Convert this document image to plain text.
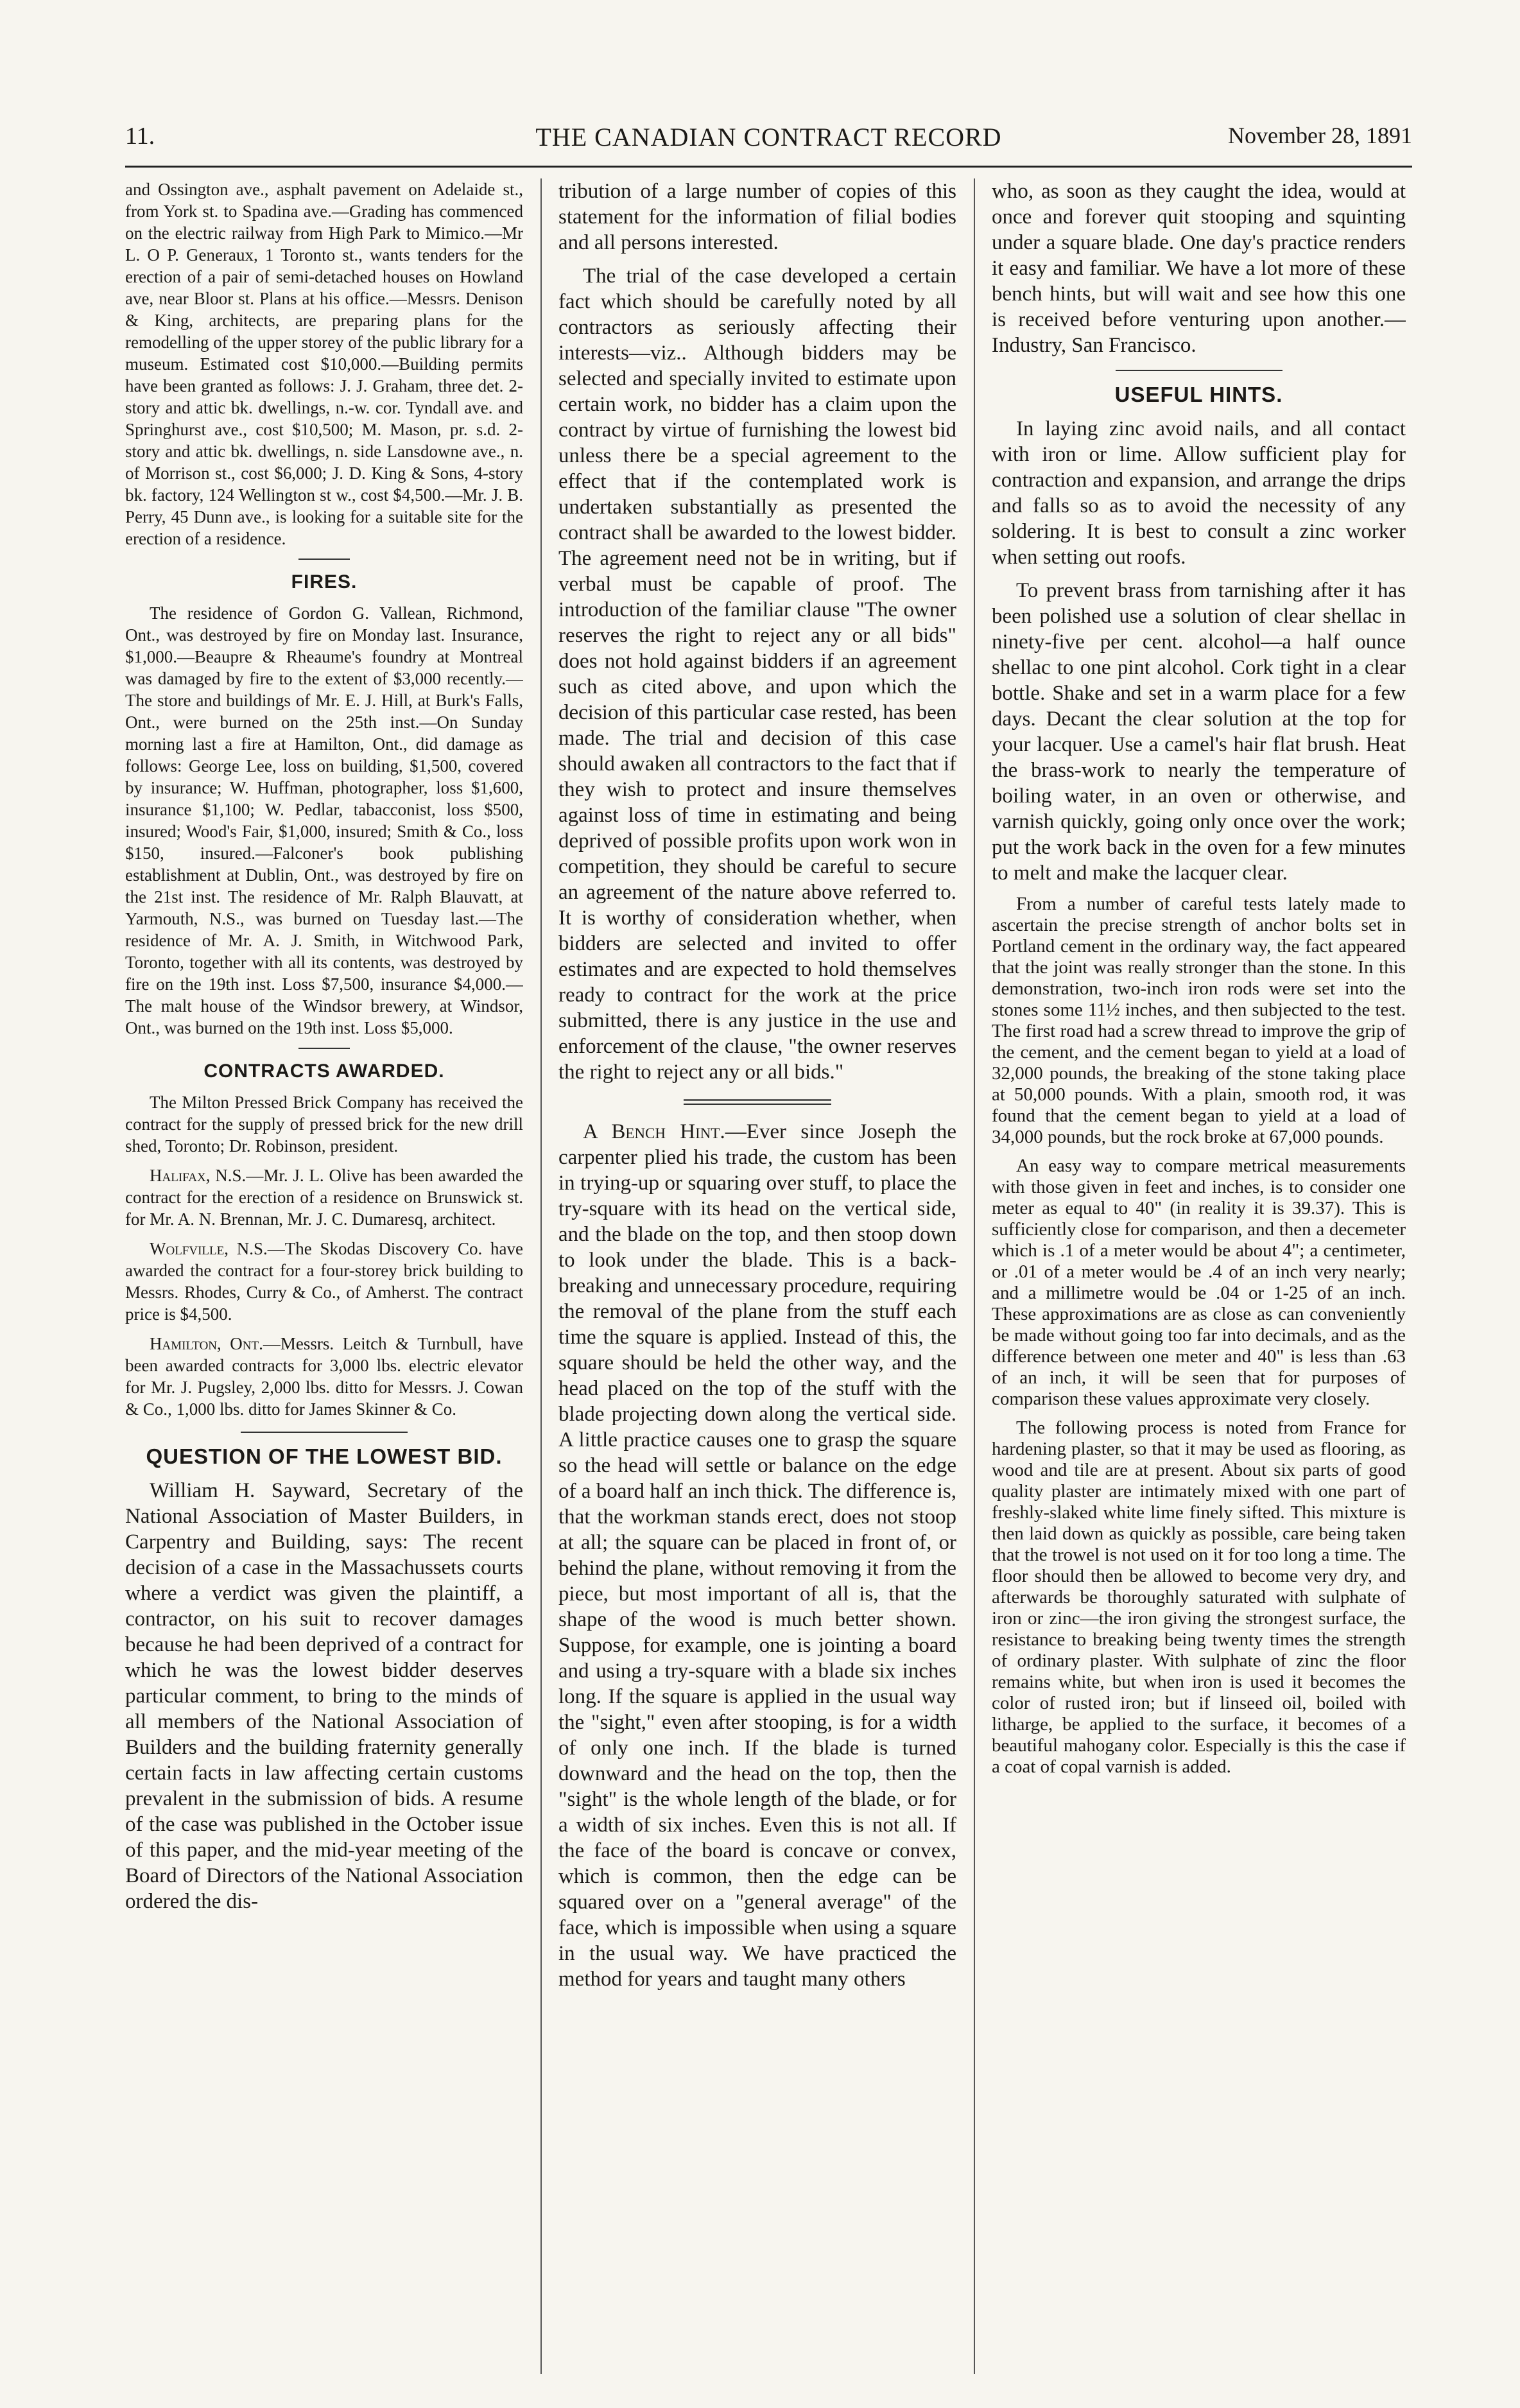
11.	THE CANADIAN CONTRACT RECORD	November 28, 1891

and Ossington ave., asphalt pavement on Adelaide st., from York st. to Spadina ave.—Grading has commenced on the electric railway from High Park to Mimico.—Mr L. O P. Generaux, 1 Toronto st., wants tenders for the erection of a pair of semi-detached houses on Howland ave, near Bloor st. Plans at his office.—Messrs. Denison & King, architects, are preparing plans for the remodelling of the upper storey of the public library for a museum. Estimated cost $10,000.—Building permits have been granted as follows: J. J. Graham, three det. 2-story and attic bk. dwellings, n.-w. cor. Tyndall ave. and Springhurst ave., cost $10,500; M. Mason, pr. s.d. 2-story and attic bk. dwellings, n. side Lansdowne ave., n. of Morrison st., cost $6,000; J. D. King & Sons, 4-story bk. factory, 124 Wellington st w., cost $4,500.—Mr. J. B. Perry, 45 Dunn ave., is looking for a suitable site for the erection of a residence.

FIRES.

The residence of Gordon G. Vallean, Richmond, Ont., was destroyed by fire on Monday last. Insurance, $1,000.—Beaupre & Rheaume's foundry at Montreal was damaged by fire to the extent of $3,000 recently.—The store and buildings of Mr. E. J. Hill, at Burk's Falls, Ont., were burned on the 25th inst.—On Sunday morning last a fire at Hamilton, Ont., did damage as follows: George Lee, loss on building, $1,500, covered by insurance; W. Huffman, photographer, loss $1,600, insurance $1,100; W. Pedlar, tabacconist, loss $500, insured; Wood's Fair, $1,000, insured; Smith & Co., loss $150, insured.—Falconer's book publishing establishment at Dublin, Ont., was destroyed by fire on the 21st inst. The residence of Mr. Ralph Blauvatt, at Yarmouth, N.S., was burned on Tuesday last.—The residence of Mr. A. J. Smith, in Witchwood Park, Toronto, together with all its contents, was destroyed by fire on the 19th inst. Loss $7,500, insurance $4,000.—The malt house of the Windsor brewery, at Windsor, Ont., was burned on the 19th inst. Loss $5,000.

CONTRACTS AWARDED.

The Milton Pressed Brick Company has received the contract for the supply of pressed brick for the new drill shed, Toronto; Dr. Robinson, president.

Halifax, N.S.—Mr. J. L. Olive has been awarded the contract for the erection of a residence on Brunswick st. for Mr. A. N. Brennan, Mr. J. C. Dumaresq, architect.

Wolfville, N.S.—The Skodas Discovery Co. have awarded the contract for a four-storey brick building to Messrs. Rhodes, Curry & Co., of Amherst. The contract price is $4,500.

Hamilton, Ont.—Messrs. Leitch & Turnbull, have been awarded contracts for 3,000 lbs. electric elevator for Mr. J. Pugsley, 2,000 lbs. ditto for Messrs. J. Cowan & Co., 1,000 lbs. ditto for James Skinner & Co.

QUESTION OF THE LOWEST BID.

William H. Sayward, Secretary of the National Association of Master Builders, in Carpentry and Building, says: The recent decision of a case in the Massachussets courts where a verdict was given the plaintiff, a contractor, on his suit to recover damages because he had been deprived of a contract for which he was the lowest bidder deserves particular comment, to bring to the minds of all members of the National Association of Builders and the building fraternity generally certain facts in law affecting certain customs prevalent in the submission of bids. A resume of the case was published in the October issue of this paper, and the mid-year meeting of the Board of Directors of the National Association ordered the dis-

tribution of a large number of copies of this statement for the information of filial bodies and all persons interested.

The trial of the case developed a certain fact which should be carefully noted by all contractors as seriously affecting their interests—viz.. Although bidders may be selected and specially invited to estimate upon certain work, no bidder has a claim upon the contract by virtue of furnishing the lowest bid unless there be a special agreement to the effect that if the contemplated work is undertaken substantially as presented the contract shall be awarded to the lowest bidder. The agreement need not be in writing, but if verbal must be capable of proof. The introduction of the familiar clause "The owner reserves the right to reject any or all bids" does not hold against bidders if an agreement such as cited above, and upon which the decision of this particular case rested, has been made. The trial and decision of this case should awaken all contractors to the fact that if they wish to protect and insure themselves against loss of time in estimating and being deprived of possible profits upon work won in competition, they should be careful to secure an agreement of the nature above referred to. It is worthy of consideration whether, when bidders are selected and invited to offer estimates and are expected to hold themselves ready to contract for the work at the price submitted, there is any justice in the use and enforcement of the clause, "the owner reserves the right to reject any or all bids."

A Bench Hint.—Ever since Joseph the carpenter plied his trade, the custom has been in trying-up or squaring over stuff, to place the try-square with its head on the vertical side, and the blade on the top, and then stoop down to look under the blade. This is a back-breaking and unnecessary procedure, requiring the removal of the plane from the stuff each time the square is applied. Instead of this, the square should be held the other way, and the head placed on the top of the stuff with the blade projecting down along the vertical side. A little practice causes one to grasp the square so the head will settle or balance on the edge of a board half an inch thick. The difference is, that the workman stands erect, does not stoop at all; the square can be placed in front of, or behind the plane, without removing it from the piece, but most important of all is, that the shape of the wood is much better shown. Suppose, for example, one is jointing a board and using a try-square with a blade six inches long. If the square is applied in the usual way the "sight," even after stooping, is for a width of only one inch. If the blade is turned downward and the head on the top, then the "sight" is the whole length of the blade, or for a width of six inches. Even this is not all. If the face of the board is concave or convex, which is common, then the edge can be squared over on a "general average" of the face, which is impossible when using a square in the usual way. We have practiced the method for years and taught many others

who, as soon as they caught the idea, would at once and forever quit stooping and squinting under a square blade. One day's practice renders it easy and familiar. We have a lot more of these bench hints, but will wait and see how this one is received before venturing upon another.—Industry, San Francisco.

USEFUL HINTS.

In laying zinc avoid nails, and all contact with iron or lime. Allow sufficient play for contraction and expansion, and arrange the drips and falls so as to avoid the necessity of any soldering. It is best to consult a zinc worker when setting out roofs.

To prevent brass from tarnishing after it has been polished use a solution of clear shellac in ninety-five per cent. alcohol—a half ounce shellac to one pint alcohol. Cork tight in a clear bottle. Shake and set in a warm place for a few days. Decant the clear solution at the top for your lacquer. Use a camel's hair flat brush. Heat the brass-work to nearly the temperature of boiling water, in an oven or otherwise, and varnish quickly, going only once over the work; put the work back in the oven for a few minutes to melt and make the lacquer clear.

From a number of careful tests lately made to ascertain the precise strength of anchor bolts set in Portland cement in the ordinary way, the fact appeared that the joint was really stronger than the stone. In this demonstration, two-inch iron rods were set into the stones some 11½ inches, and then subjected to the test. The first road had a screw thread to improve the grip of the cement, and the cement began to yield at a load of 32,000 pounds, the breaking of the stone taking place at 50,000 pounds. With a plain, smooth rod, it was found that the cement began to yield at a load of 34,000 pounds, but the rock broke at 67,000 pounds.

An easy way to compare metrical measurements with those given in feet and inches, is to consider one meter as equal to 40" (in reality it is 39.37). This is sufficiently close for comparison, and then a decemeter which is .1 of a meter would be about 4"; a centimeter, or .01 of a meter would be .4 of an inch very nearly; and a millimetre would be .04 or 1-25 of an inch. These approximations are as close as can conveniently be made without going too far into decimals, and as the difference between one meter and 40" is less than .63 of an inch, it will be seen that for purposes of comparison these values approximate very closely.

The following process is noted from France for hardening plaster, so that it may be used as flooring, as wood and tile are at present. About six parts of good quality plaster are intimately mixed with one part of freshly-slaked white lime finely sifted. This mixture is then laid down as quickly as possible, care being taken that the trowel is not used on it for too long a time. The floor should then be allowed to become very dry, and afterwards be thoroughly saturated with sulphate of iron or zinc—the iron giving the strongest surface, the resistance to breaking being twenty times the strength of ordinary plaster. With sulphate of zinc the floor remains white, but when iron is used it becomes the color of rusted iron; but if linseed oil, boiled with litharge, be applied to the surface, it becomes of a beautiful mahogany color. Especially is this the case if a coat of copal varnish is added.
